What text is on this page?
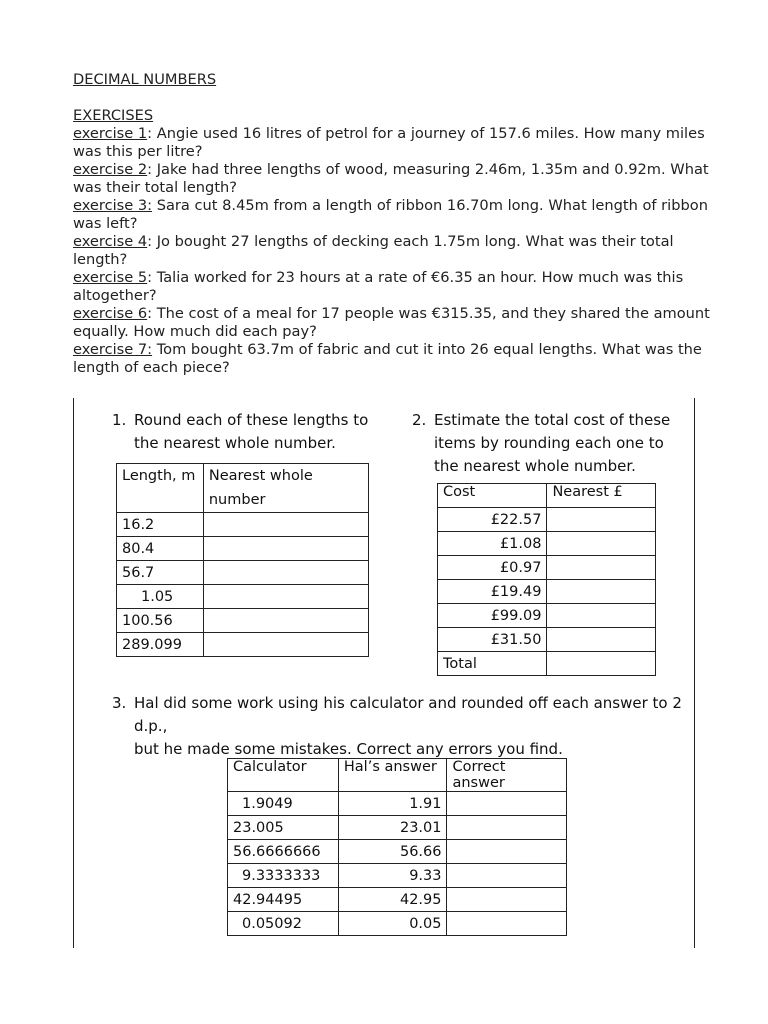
DECIMAL NUMBERS

EXERCISES

exercise 1: Angie used 16 litres of petrol for a journey of 157.6 miles. How many miles was this per litre?

exercise 2: Jake had three lengths of wood, measuring 2.46m, 1.35m and 0.92m. What was their total length?

exercise 3: Sara cut 8.45m from a length of ribbon 16.70m long. What length of ribbon was left?

exercise 4: Jo bought 27 lengths of decking each 1.75m long. What was their total length?

exercise 5: Talia worked for 23 hours at a rate of €6.35 an hour. How much was this altogether?

exercise 6: The cost of a meal for 17 people was €315.35, and they shared the amount equally. How much did each pay?

exercise 7: Tom bought 63.7m of fabric and cut it into 26 equal lengths. What was the length of each piece?

1. Round each of these lengths to
the nearest whole number.
Length, m	Nearest whole number
16.2	
80.4	
56.7	
1.05	
100.56	
289.099	
2. Estimate the total cost of these
items by rounding each one to
the nearest whole number.
Cost	Nearest £
£22.57	
£1.08	
£0.97	
£19.49	
£99.09	
£31.50	
Total	
3. Hal did some work using his calculator and rounded off each answer to 2 d.p.,
but he made some mistakes. Correct any errors you find.
Calculator	Hal’s answer	Correct answer
1.9049	1.91	
23.005	23.01	
56.6666666	56.66	
9.3333333	9.33	
42.94495	42.95	
0.05092	0.05	
